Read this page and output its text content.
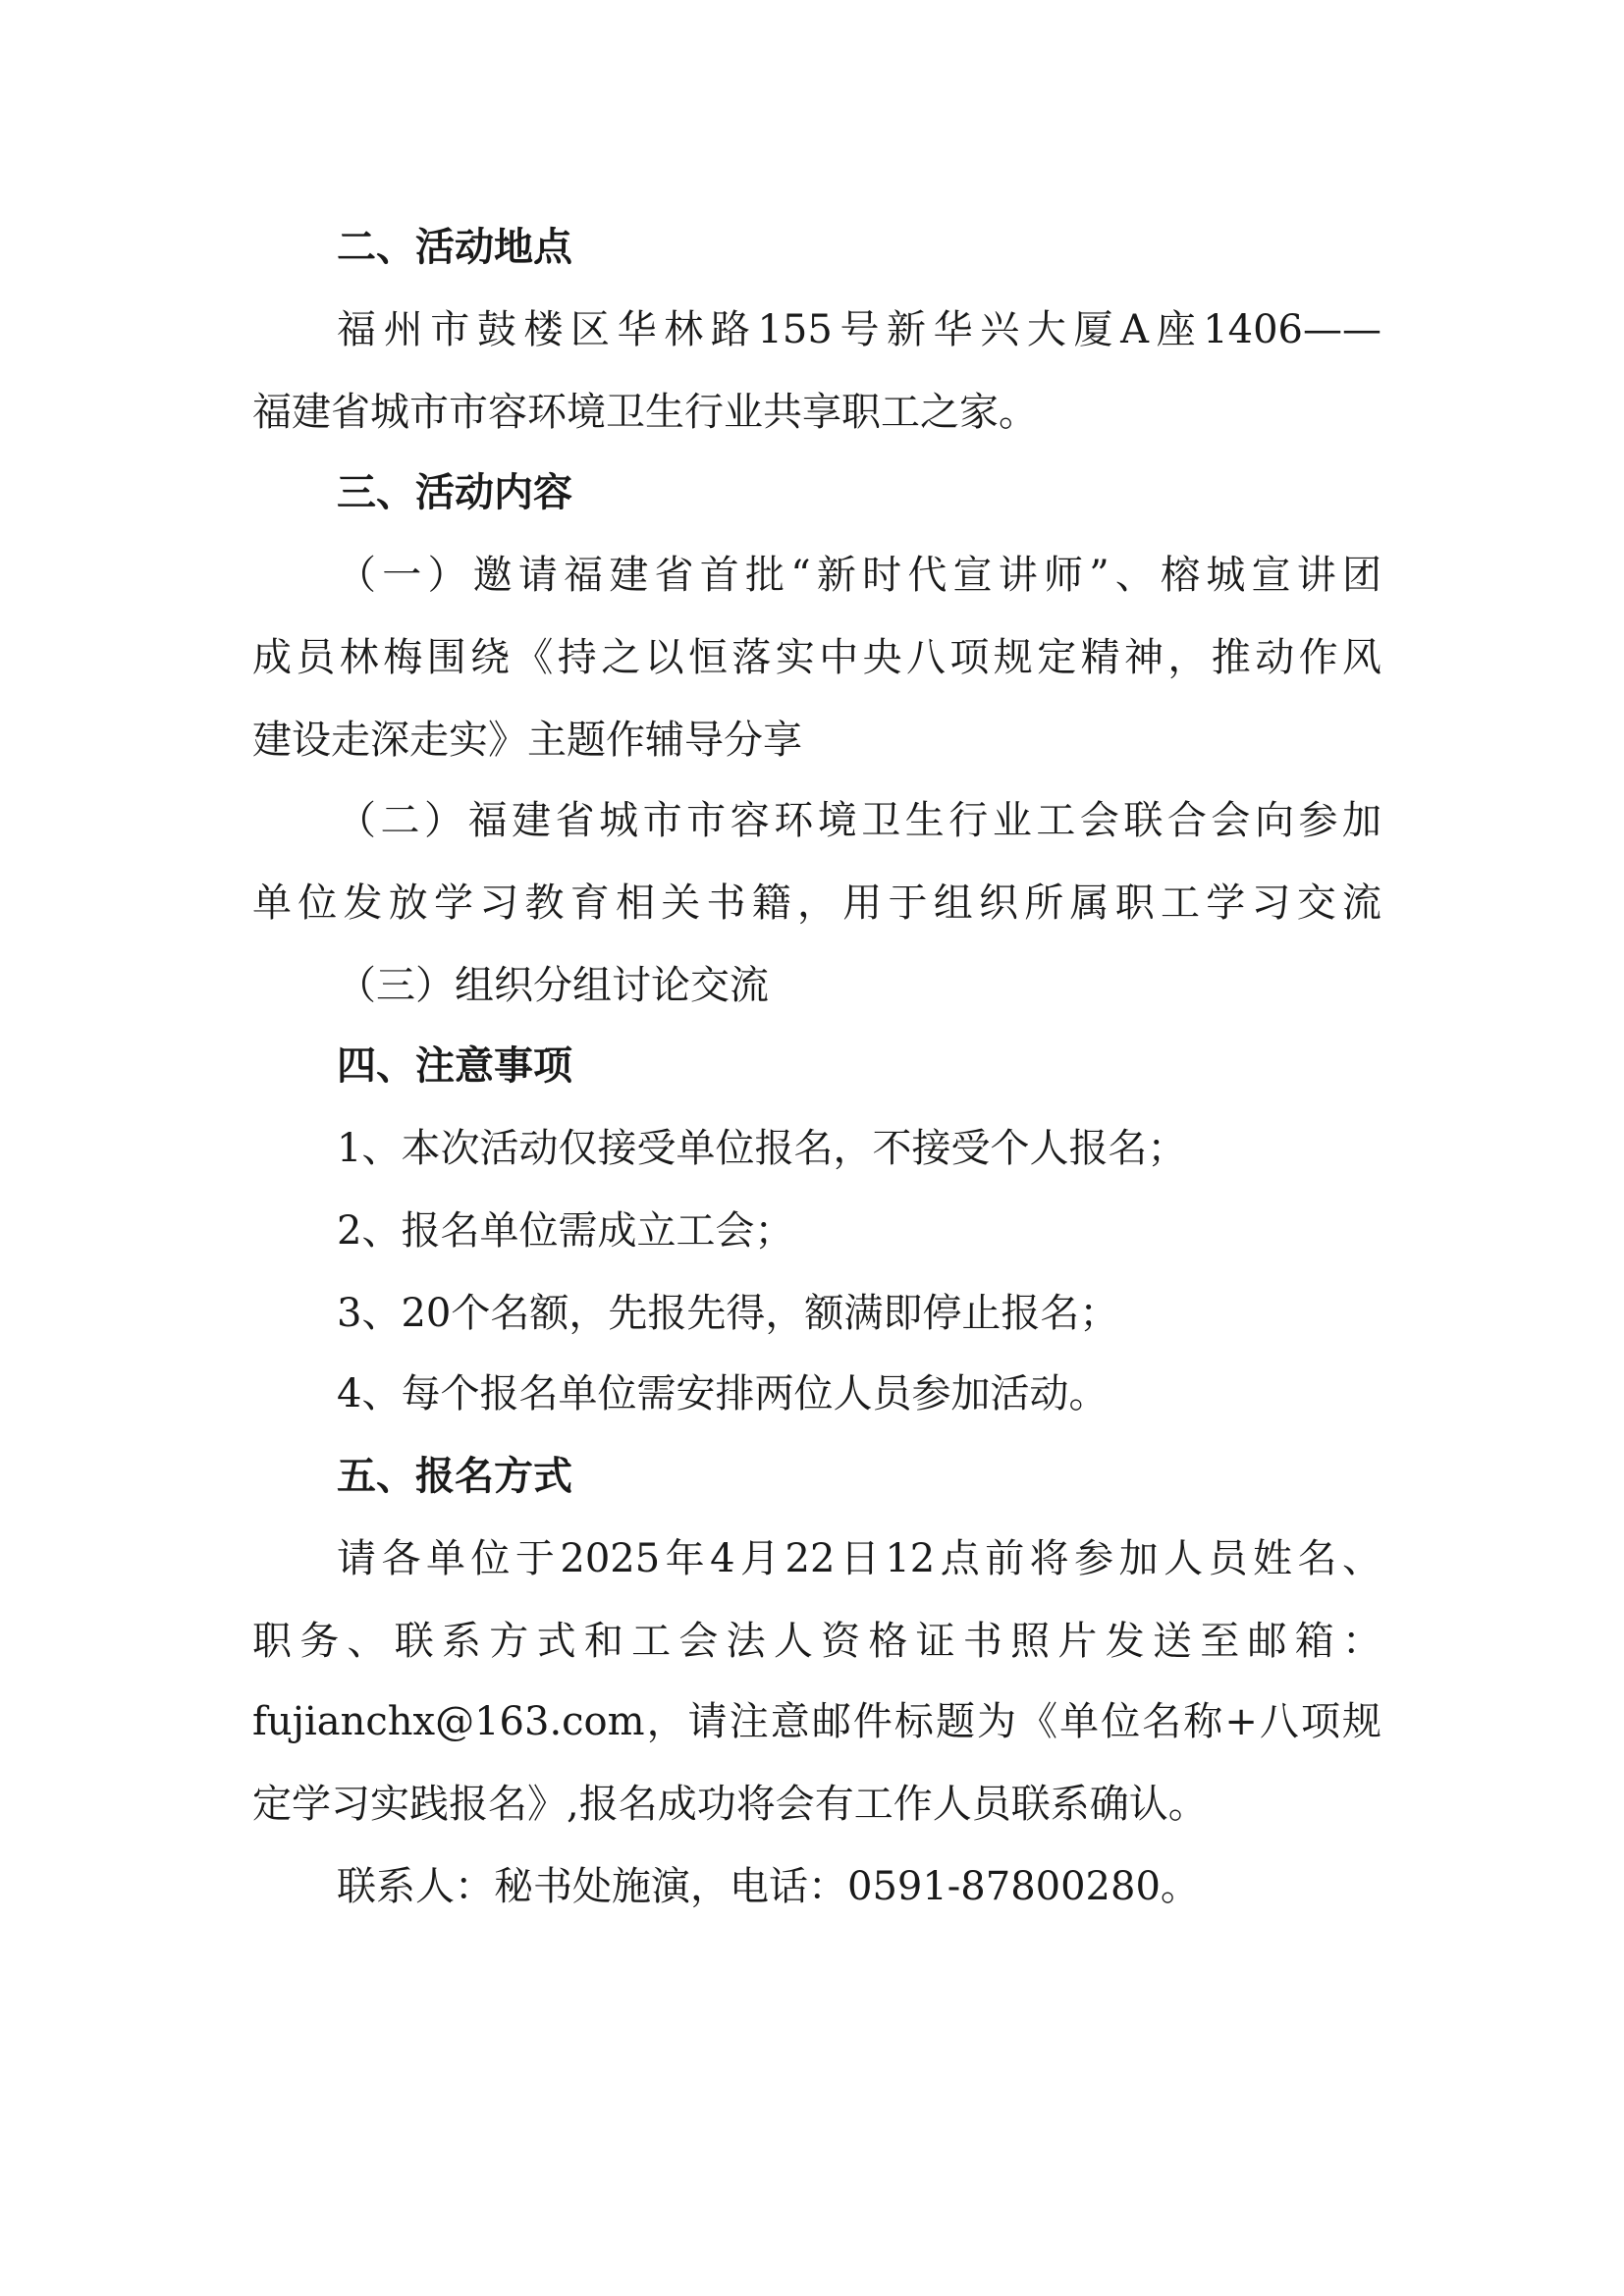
二、活动地点
福州市鼓楼区华林路155号新华兴大厦A座1406——
福建省城市市容环境卫生行业共享职工之家。
三、活动内容
（一）邀请福建省首批“新时代宣讲师”、榕城宣讲团
成员林梅围绕《持之以恒落实中央八项规定精神，推动作风
建设走深走实》主题作辅导分享
（二）福建省城市市容环境卫生行业工会联合会向参加
单位发放学习教育相关书籍，用于组织所属职工学习交流
（三）组织分组讨论交流
四、注意事项
1、本次活动仅接受单位报名，不接受个人报名；
2、报名单位需成立工会；
3、20个名额，先报先得，额满即停止报名；
4、每个报名单位需安排两位人员参加活动。
五、报名方式
请各单位于2025年4月22日12点前将参加人员姓名、
职务、联系方式和工会法人资格证书照片发送至邮箱：
fujianchx@163.com，请注意邮件标题为《单位名称+八项规
定学习实践报名》,报名成功将会有工作人员联系确认。
联系人：秘书处施演，电话：0591-87800280。
